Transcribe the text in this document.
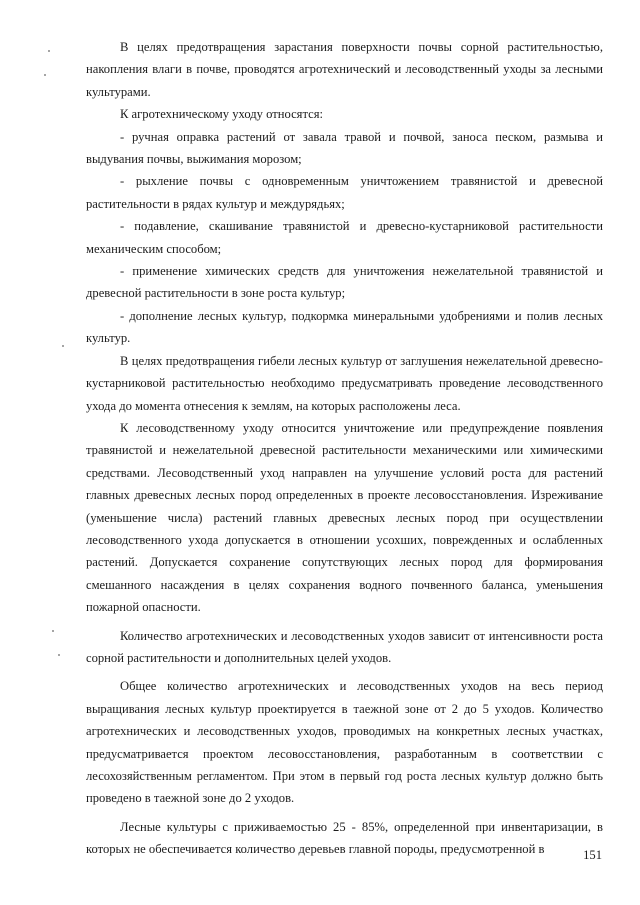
В целях предотвращения зарастания поверхности почвы сорной растительностью, накопления влаги в почве, проводятся агротехнический и лесоводственный уходы за лесными культурами.

К агротехническому уходу относятся:

- ручная оправка растений от завала травой и почвой, заноса песком, размыва и выдувания почвы, выжимания морозом;

- рыхление почвы с одновременным уничтожением травянистой и древесной растительности в рядах культур и междурядьях;

- подавление, скашивание травянистой и древесно-кустарниковой растительности механическим способом;

- применение химических средств для уничтожения нежелательной травянистой и древесной растительности в зоне роста культур;

- дополнение лесных культур, подкормка минеральными удобрениями и полив лесных культур.

В целях предотвращения гибели лесных культур от заглушения нежелательной древесно-кустарниковой растительностью необходимо предусматривать проведение лесоводственного ухода до момента отнесения к землям, на которых расположены леса.

К лесоводственному уходу относится уничтожение или предупреждение появления травянистой и нежелательной древесной растительности механическими или химическими средствами. Лесоводственный уход направлен на улучшение условий роста для растений главных древесных лесных пород определенных в проекте лесовосстановления. Изреживание (уменьшение числа) растений главных древесных лесных пород при осуществлении лесоводственного ухода допускается в отношении усохших, поврежденных и ослабленных растений. Допускается сохранение сопутствующих лесных пород для формирования смешанного насаждения в целях сохранения водного почвенного баланса, уменьшения пожарной опасности.

Количество агротехнических и лесоводственных уходов зависит от интенсивности роста сорной растительности и дополнительных целей уходов.

Общее количество агротехнических и лесоводственных уходов на весь период выращивания лесных культур проектируется в таежной зоне от 2 до 5 уходов. Количество агротехнических и лесоводственных уходов, проводимых на конкретных лесных участках, предусматривается проектом лесовосстановления, разработанным в соответствии с лесохозяйственным регламентом. При этом в первый год роста лесных культур должно быть проведено в таежной зоне до 2 уходов.

Лесные культуры с приживаемостью 25 - 85%, определенной при инвентаризации, в которых не обеспечивается количество деревьев главной породы, предусмотренной в	151
